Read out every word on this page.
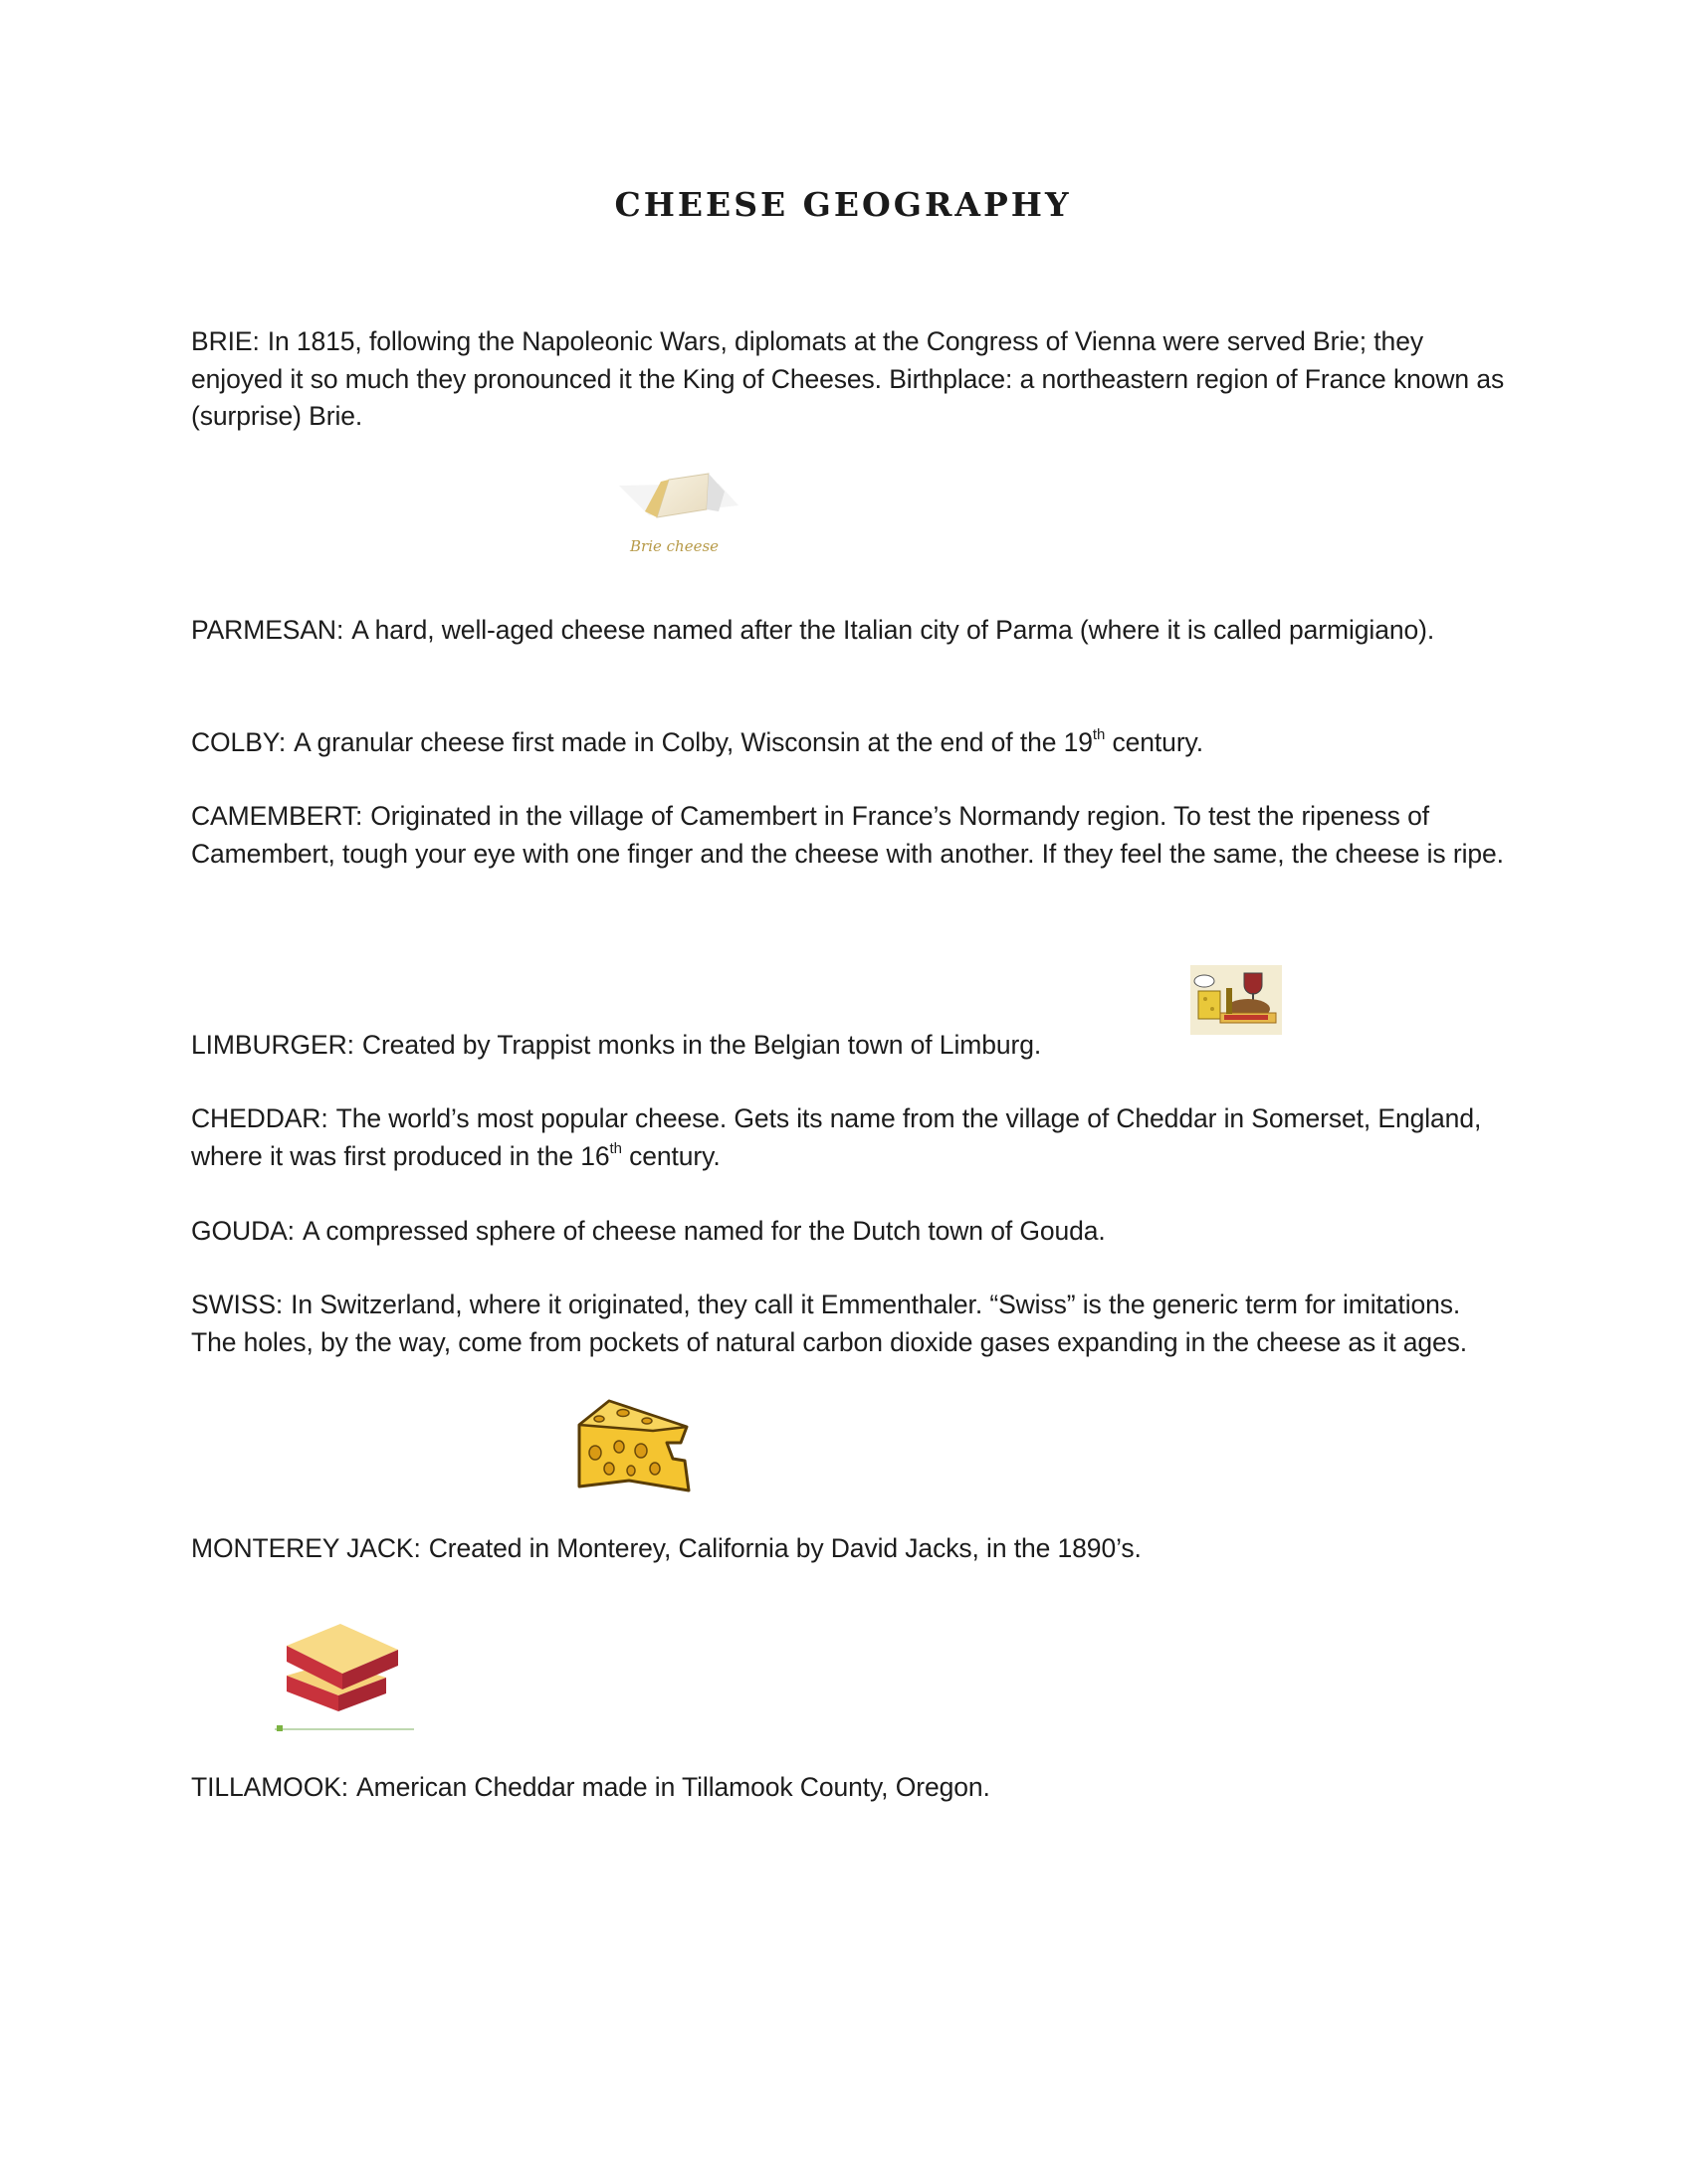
CHEESE GEOGRAPHY
BRIE: In 1815, following the Napoleonic Wars, diplomats at the Congress of Vienna were served Brie; they enjoyed it so much they pronounced it the King of Cheeses. Birthplace: a northeastern region of France known as (surprise) Brie.
Brie cheese
PARMESAN: A hard, well-aged cheese named after the Italian city of Parma (where it is called parmigiano).
COLBY: A granular cheese first made in Colby, Wisconsin at the end of the 19th century.
CAMEMBERT: Originated in the village of Camembert in France’s Normandy region. To test the ripeness of Camembert, tough your eye with one finger and the cheese with another. If they feel the same, the cheese is ripe.
LIMBURGER: Created by Trappist monks in the Belgian town of Limburg.
CHEDDAR: The world’s most popular cheese. Gets its name from the village of Cheddar in Somerset, England, where it was first produced in the 16th century.
GOUDA: A compressed sphere of cheese named for the Dutch town of Gouda.
SWISS: In Switzerland, where it originated, they call it Emmenthaler. “Swiss” is the generic term for imitations. The holes, by the way, come from pockets of natural carbon dioxide gases expanding in the cheese as it ages.
MONTEREY JACK: Created in Monterey, California by David Jacks, in the 1890’s.
TILLAMOOK: American Cheddar made in Tillamook County, Oregon.
